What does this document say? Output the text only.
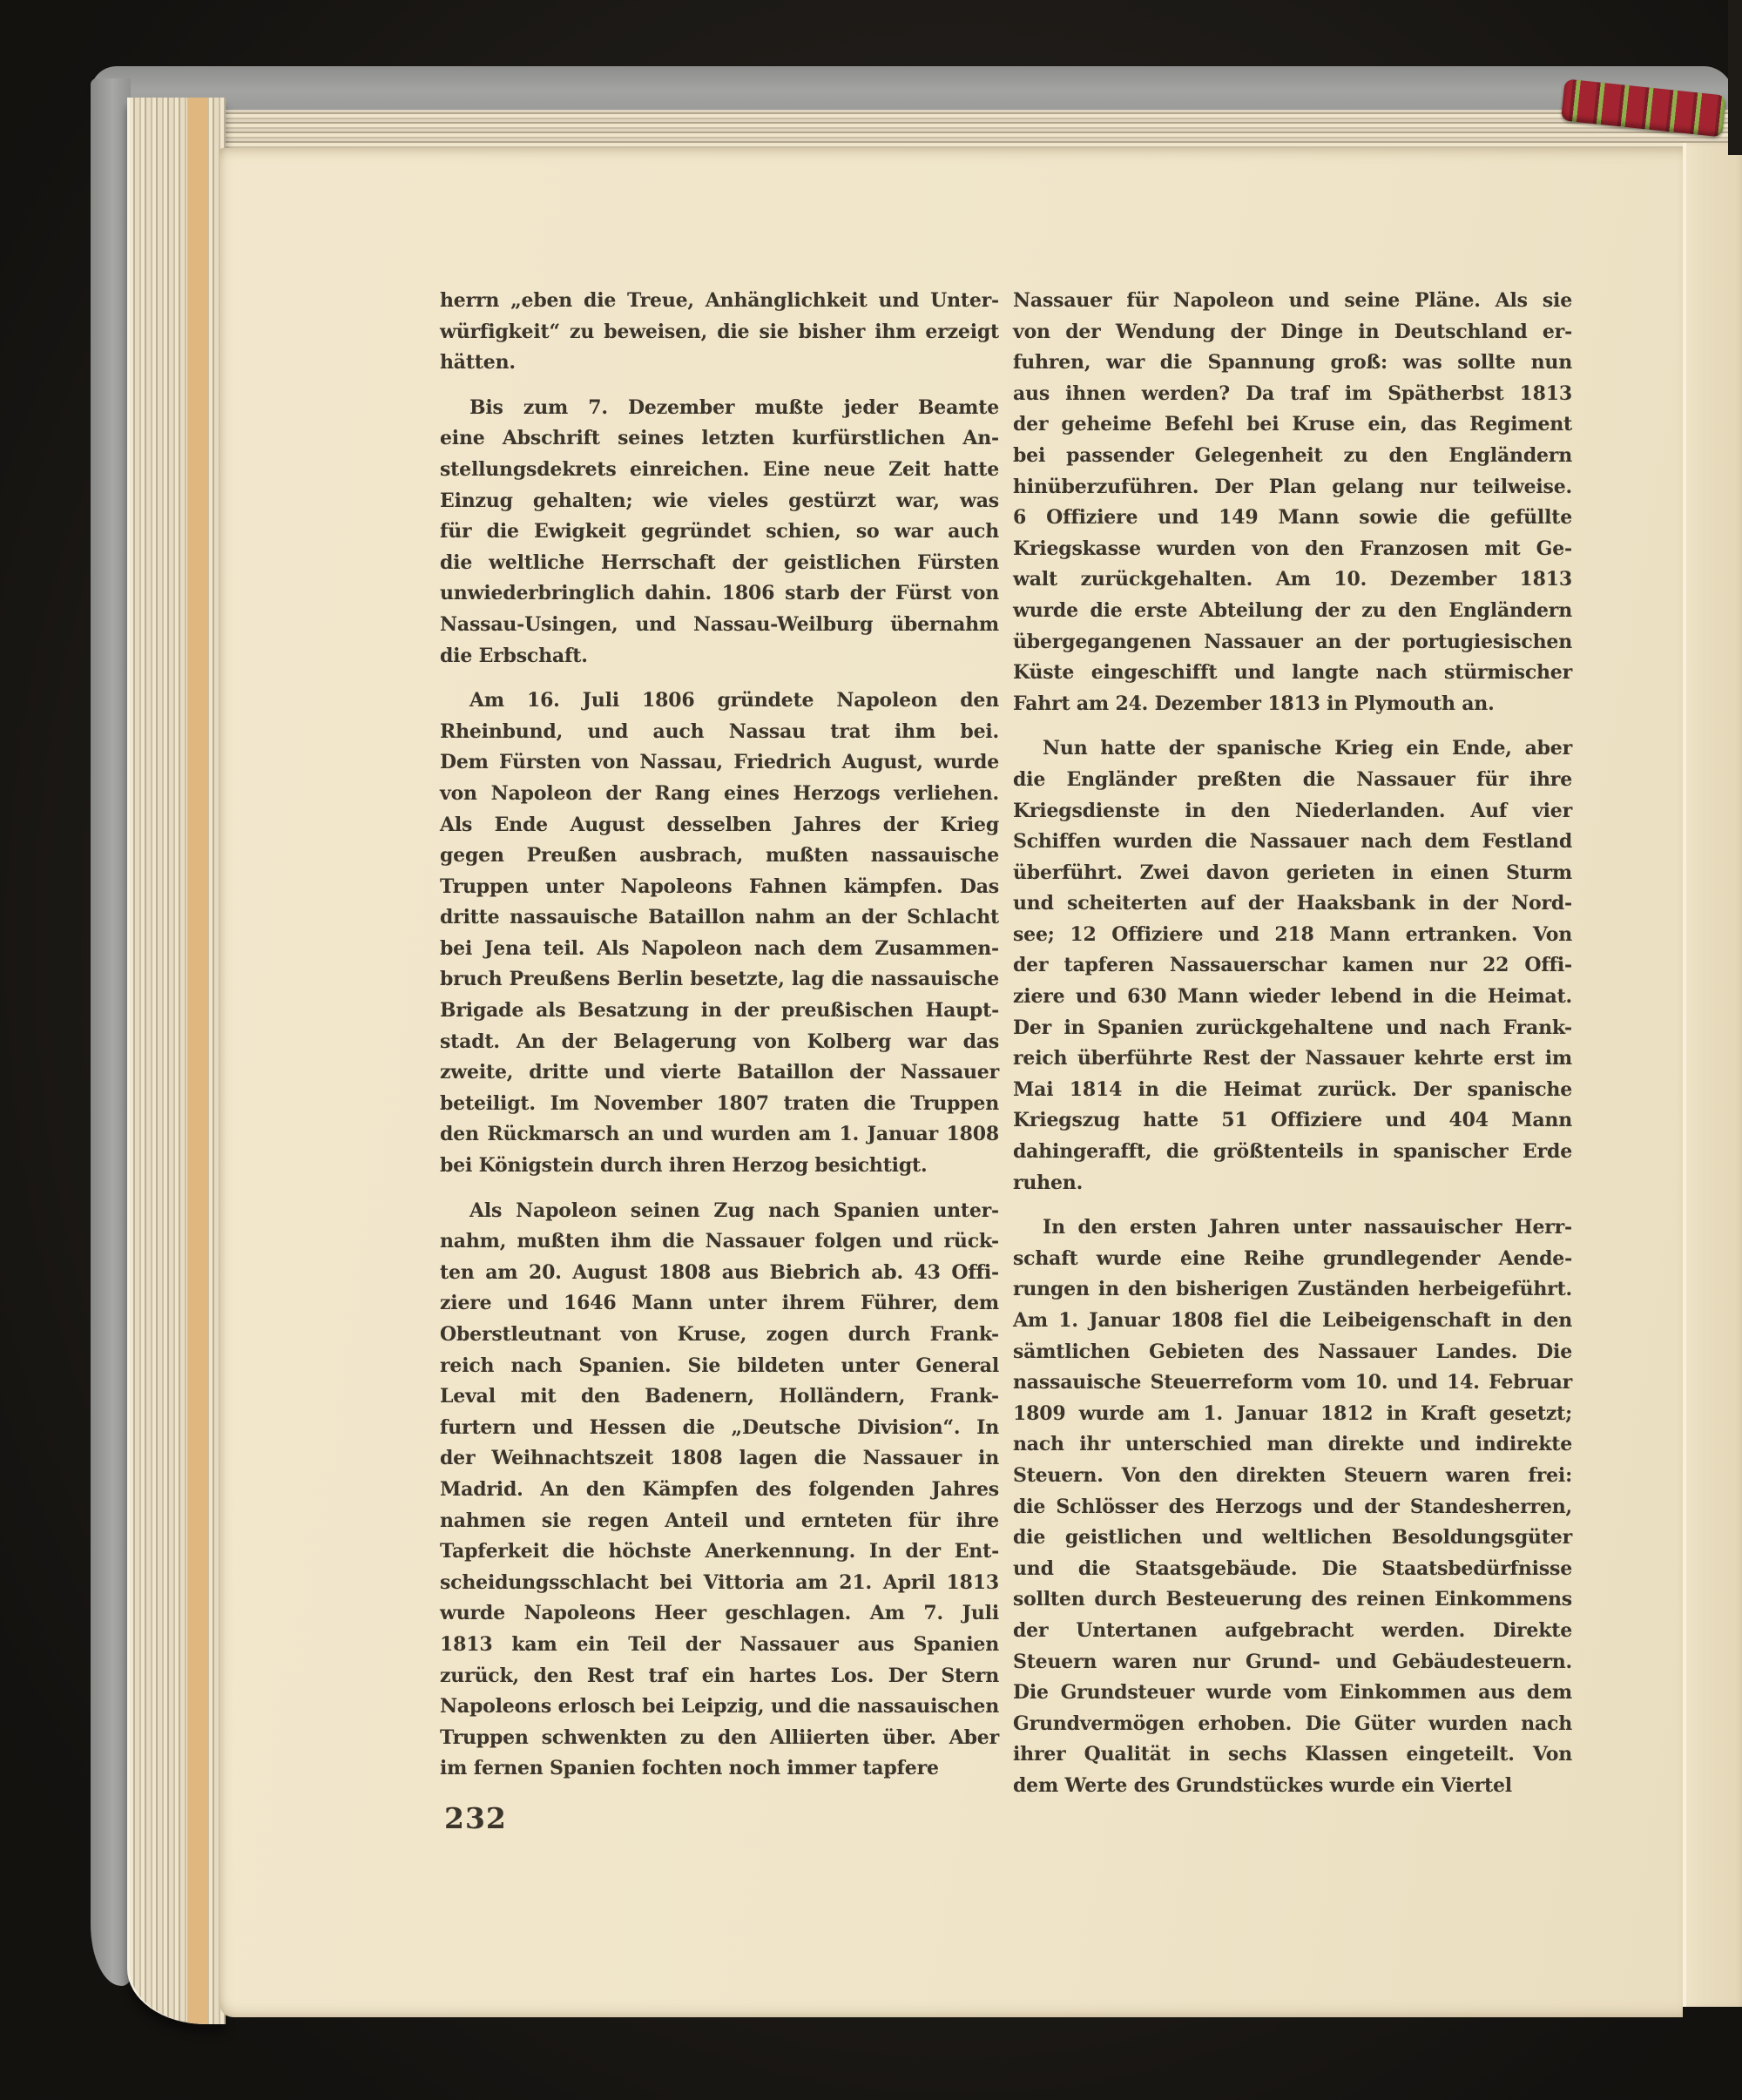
herrn „eben die Treue, Anhänglichkeit und Unter-
würfigkeit“ zu beweisen, die sie bisher ihm erzeigt
hätten.
Bis zum 7. Dezember mußte jeder Beamte
eine Abschrift seines letzten kurfürstlichen An-
stellungsdekrets einreichen. Eine neue Zeit hatte
Einzug gehalten; wie vieles gestürzt war, was
für die Ewigkeit gegründet schien, so war auch
die weltliche Herrschaft der geistlichen Fürsten
unwiederbringlich dahin. 1806 starb der Fürst von
Nassau-Usingen, und Nassau-Weilburg übernahm
die Erbschaft.
Am 16. Juli 1806 gründete Napoleon den
Rheinbund, und auch Nassau trat ihm bei.
Dem Fürsten von Nassau, Friedrich August, wurde
von Napoleon der Rang eines Herzogs verliehen.
Als Ende August desselben Jahres der Krieg
gegen Preußen ausbrach, mußten nassauische
Truppen unter Napoleons Fahnen kämpfen. Das
dritte nassauische Bataillon nahm an der Schlacht
bei Jena teil. Als Napoleon nach dem Zusammen-
bruch Preußens Berlin besetzte, lag die nassauische
Brigade als Besatzung in der preußischen Haupt-
stadt. An der Belagerung von Kolberg war das
zweite, dritte und vierte Bataillon der Nassauer
beteiligt. Im November 1807 traten die Truppen
den Rückmarsch an und wurden am 1. Januar 1808
bei Königstein durch ihren Herzog besichtigt.
Als Napoleon seinen Zug nach Spanien unter-
nahm, mußten ihm die Nassauer folgen und rück-
ten am 20. August 1808 aus Biebrich ab. 43 Offi-
ziere und 1646 Mann unter ihrem Führer, dem
Oberstleutnant von Kruse, zogen durch Frank-
reich nach Spanien. Sie bildeten unter General
Leval mit den Badenern, Holländern, Frank-
furtern und Hessen die „Deutsche Division“. In
der Weihnachtszeit 1808 lagen die Nassauer in
Madrid. An den Kämpfen des folgenden Jahres
nahmen sie regen Anteil und ernteten für ihre
Tapferkeit die höchste Anerkennung. In der Ent-
scheidungsschlacht bei Vittoria am 21. April 1813
wurde Napoleons Heer geschlagen. Am 7. Juli
1813 kam ein Teil der Nassauer aus Spanien
zurück, den Rest traf ein hartes Los. Der Stern
Napoleons erlosch bei Leipzig, und die nassauischen
Truppen schwenkten zu den Alliierten über. Aber
im fernen Spanien fochten noch immer tapfere
Nassauer für Napoleon und seine Pläne. Als sie
von der Wendung der Dinge in Deutschland er-
fuhren, war die Spannung groß: was sollte nun
aus ihnen werden? Da traf im Spätherbst 1813
der geheime Befehl bei Kruse ein, das Regiment
bei passender Gelegenheit zu den Engländern
hinüberzuführen. Der Plan gelang nur teilweise.
6 Offiziere und 149 Mann sowie die gefüllte
Kriegskasse wurden von den Franzosen mit Ge-
walt zurückgehalten. Am 10. Dezember 1813
wurde die erste Abteilung der zu den Engländern
übergegangenen Nassauer an der portugiesischen
Küste eingeschifft und langte nach stürmischer
Fahrt am 24. Dezember 1813 in Plymouth an.
Nun hatte der spanische Krieg ein Ende, aber
die Engländer preßten die Nassauer für ihre
Kriegsdienste in den Niederlanden. Auf vier
Schiffen wurden die Nassauer nach dem Festland
überführt. Zwei davon gerieten in einen Sturm
und scheiterten auf der Haaksbank in der Nord-
see; 12 Offiziere und 218 Mann ertranken. Von
der tapferen Nassauerschar kamen nur 22 Offi-
ziere und 630 Mann wieder lebend in die Heimat.
Der in Spanien zurückgehaltene und nach Frank-
reich überführte Rest der Nassauer kehrte erst im
Mai 1814 in die Heimat zurück. Der spanische
Kriegszug hatte 51 Offiziere und 404 Mann
dahingerafft, die größtenteils in spanischer Erde
ruhen.
In den ersten Jahren unter nassauischer Herr-
schaft wurde eine Reihe grundlegender Aende-
rungen in den bisherigen Zuständen herbeigeführt.
Am 1. Januar 1808 fiel die Leibeigenschaft in den
sämtlichen Gebieten des Nassauer Landes. Die
nassauische Steuerreform vom 10. und 14. Februar
1809 wurde am 1. Januar 1812 in Kraft gesetzt;
nach ihr unterschied man direkte und indirekte
Steuern. Von den direkten Steuern waren frei:
die Schlösser des Herzogs und der Standesherren,
die geistlichen und weltlichen Besoldungsgüter
und die Staatsgebäude. Die Staatsbedürfnisse
sollten durch Besteuerung des reinen Einkommens
der Untertanen aufgebracht werden. Direkte
Steuern waren nur Grund- und Gebäudesteuern.
Die Grundsteuer wurde vom Einkommen aus dem
Grundvermögen erhoben. Die Güter wurden nach
ihrer Qualität in sechs Klassen eingeteilt. Von
dem Werte des Grundstückes wurde ein Viertel
232
